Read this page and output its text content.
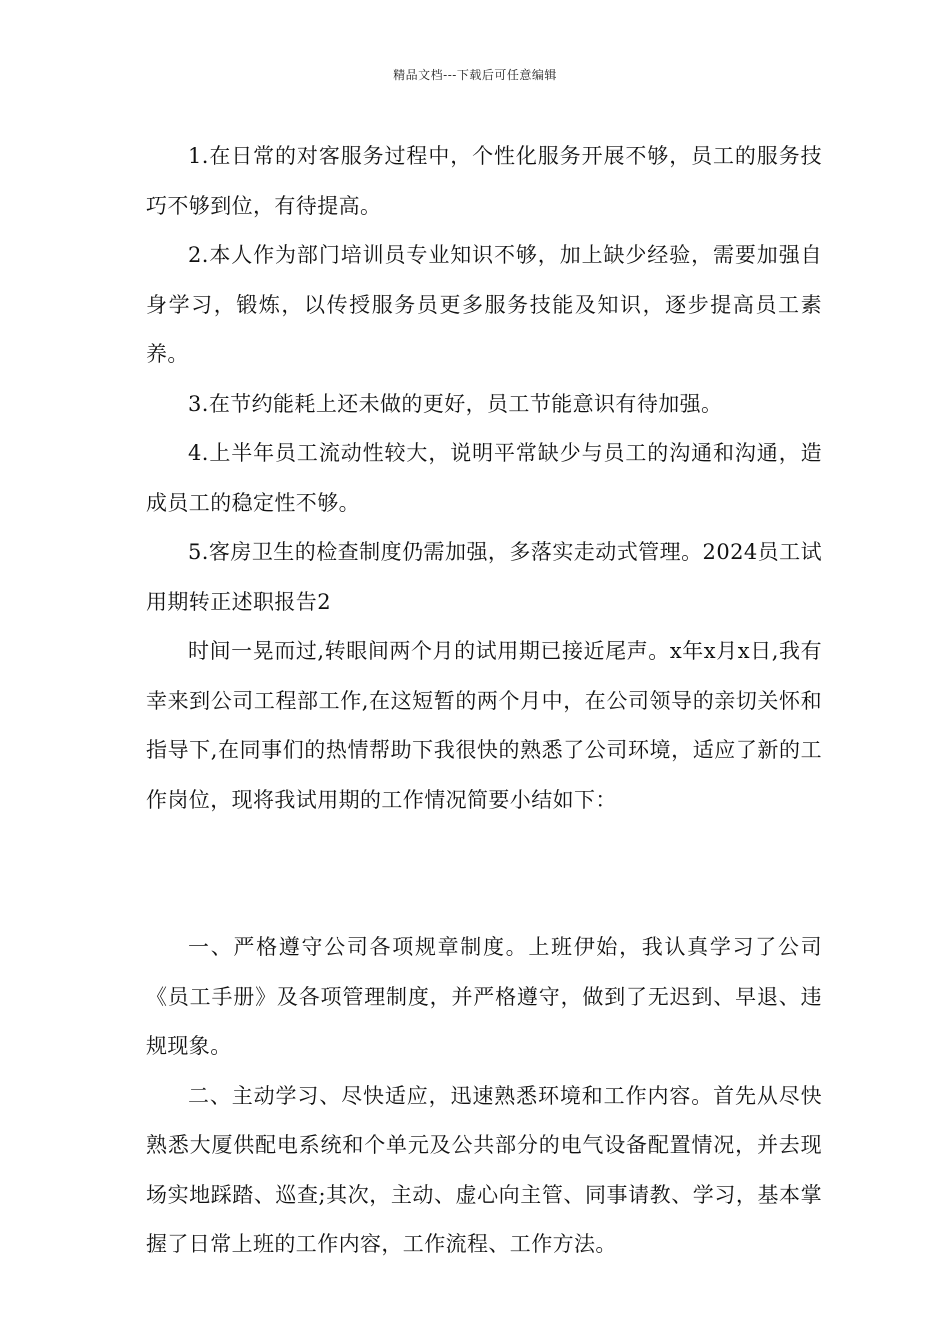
精品文档---下载后可任意编辑

1.在日常的对客服务过程中，个性化服务开展不够，员工的服务技巧不够到位，有待提高。

2.本人作为部门培训员专业知识不够，加上缺少经验，需要加强自身学习，锻炼，以传授服务员更多服务技能及知识，逐步提高员工素养。

3.在节约能耗上还未做的更好，员工节能意识有待加强。

4.上半年员工流动性较大，说明平常缺少与员工的沟通和沟通，造成员工的稳定性不够。

5.客房卫生的检查制度仍需加强，多落实走动式管理。2024员工试用期转正述职报告2

时间一晃而过,转眼间两个月的试用期已接近尾声。x年x月x日,我有幸来到公司工程部工作,在这短暂的两个月中，在公司领导的亲切关怀和指导下,在同事们的热情帮助下我很快的熟悉了公司环境，适应了新的工作岗位，现将我试用期的工作情况简要小结如下：

一、严格遵守公司各项规章制度。上班伊始，我认真学习了公司《员工手册》及各项管理制度，并严格遵守，做到了无迟到、早退、违规现象。

二、主动学习、尽快适应，迅速熟悉环境和工作内容。首先从尽快熟悉大厦供配电系统和个单元及公共部分的电气设备配置情况，并去现场实地踩踏、巡查;其次，主动、虚心向主管、同事请教、学习，基本掌握了日常上班的工作内容，工作流程、工作方法。
